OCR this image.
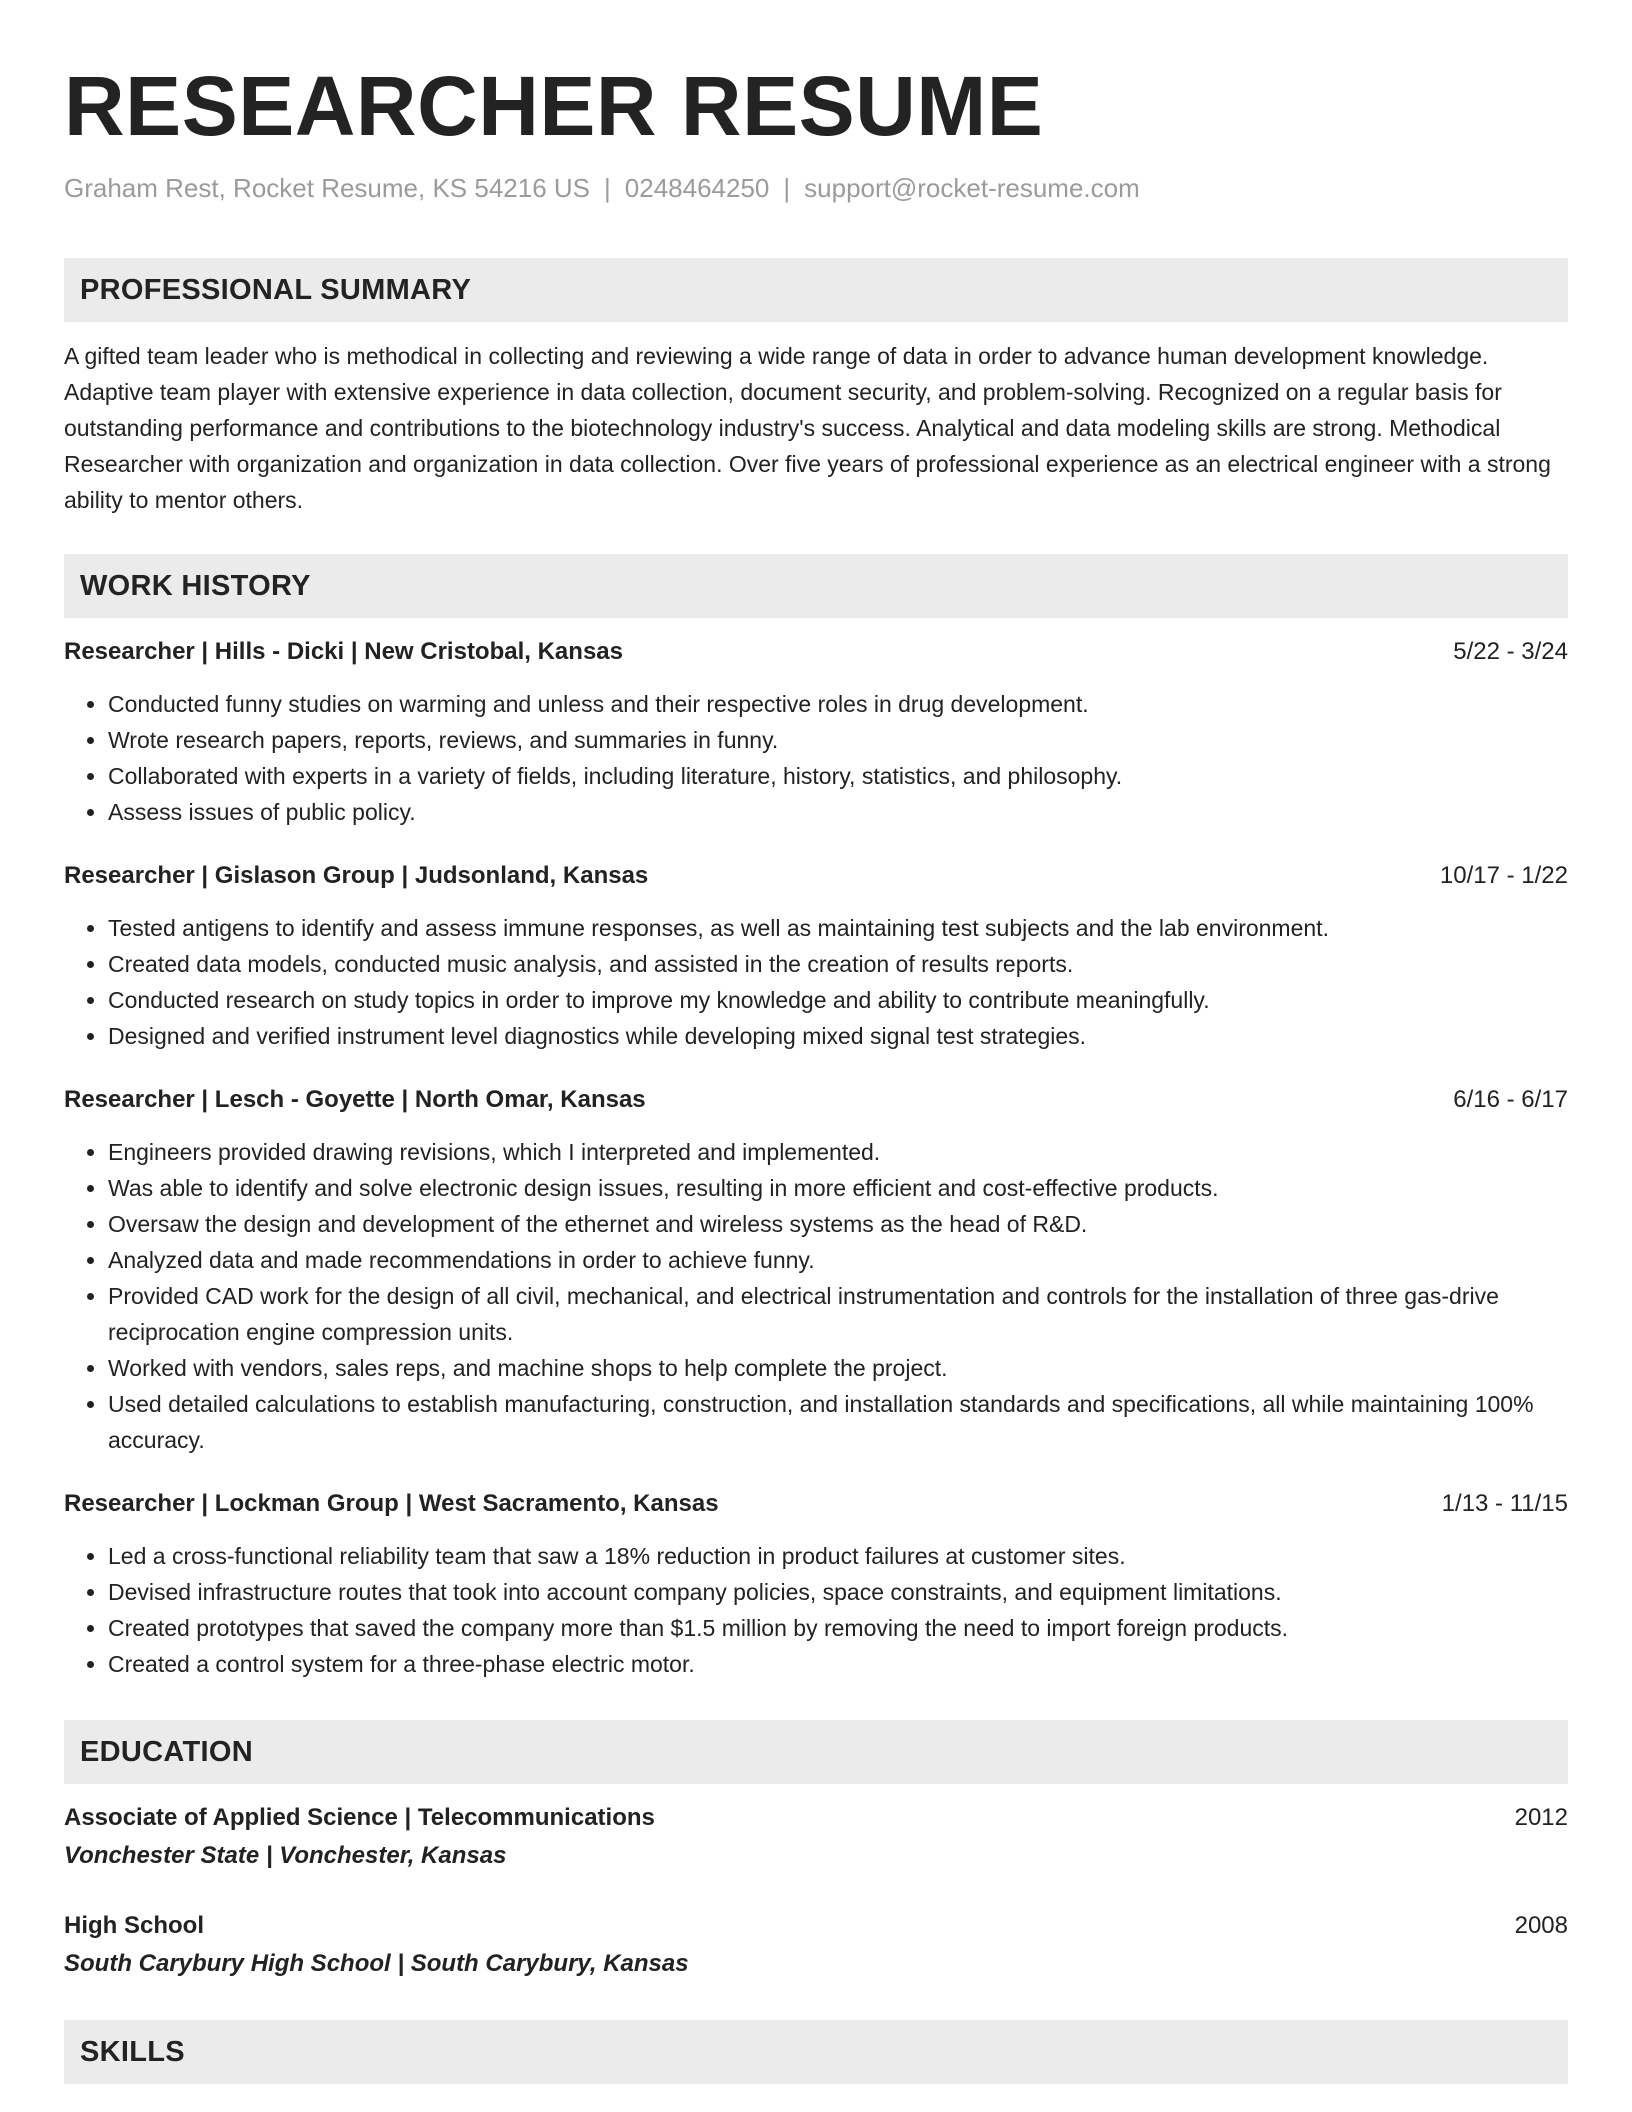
RESEARCHER RESUME
Graham Rest, Rocket Resume, KS 54216 US | 0248464250 | support@rocket-resume.com
PROFESSIONAL SUMMARY

A gifted team leader who is methodical in collecting and reviewing a wide range of data in order to advance human development knowledge. Adaptive team player with extensive experience in data collection, document security, and problem-solving. Recognized on a regular basis for outstanding performance and contributions to the biotechnology industry's success. Analytical and data modeling skills are strong. Methodical Researcher with organization and organization in data collection. Over five years of professional experience as an electrical engineer with a strong ability to mentor others.

WORK HISTORY
Researcher | Hills - Dicki | New Cristobal, Kansas	5/22 - 3/24
• Conducted funny studies on warming and unless and their respective roles in drug development.
• Wrote research papers, reports, reviews, and summaries in funny.
• Collaborated with experts in a variety of fields, including literature, history, statistics, and philosophy.
• Assess issues of public policy.
Researcher | Gislason Group | Judsonland, Kansas	10/17 - 1/22
• Tested antigens to identify and assess immune responses, as well as maintaining test subjects and the lab environment.
• Created data models, conducted music analysis, and assisted in the creation of results reports.
• Conducted research on study topics in order to improve my knowledge and ability to contribute meaningfully.
• Designed and verified instrument level diagnostics while developing mixed signal test strategies.
Researcher | Lesch - Goyette | North Omar, Kansas	6/16 - 6/17
• Engineers provided drawing revisions, which I interpreted and implemented.
• Was able to identify and solve electronic design issues, resulting in more efficient and cost-effective products.
• Oversaw the design and development of the ethernet and wireless systems as the head of R&D.
• Analyzed data and made recommendations in order to achieve funny.
• Provided CAD work for the design of all civil, mechanical, and electrical instrumentation and controls for the installation of three gas-drive reciprocation engine compression units.
• Worked with vendors, sales reps, and machine shops to help complete the project.
• Used detailed calculations to establish manufacturing, construction, and installation standards and specifications, all while maintaining 100% accuracy.
Researcher | Lockman Group | West Sacramento, Kansas	1/13 - 11/15
• Led a cross-functional reliability team that saw a 18% reduction in product failures at customer sites.
• Devised infrastructure routes that took into account company policies, space constraints, and equipment limitations.
• Created prototypes that saved the company more than $1.5 million by removing the need to import foreign products.
• Created a control system for a three-phase electric motor.
EDUCATION
Associate of Applied Science | Telecommunications	2012
Vonchester State | Vonchester, Kansas
High School	2008
South Carybury High School | South Carybury, Kansas
SKILLS
